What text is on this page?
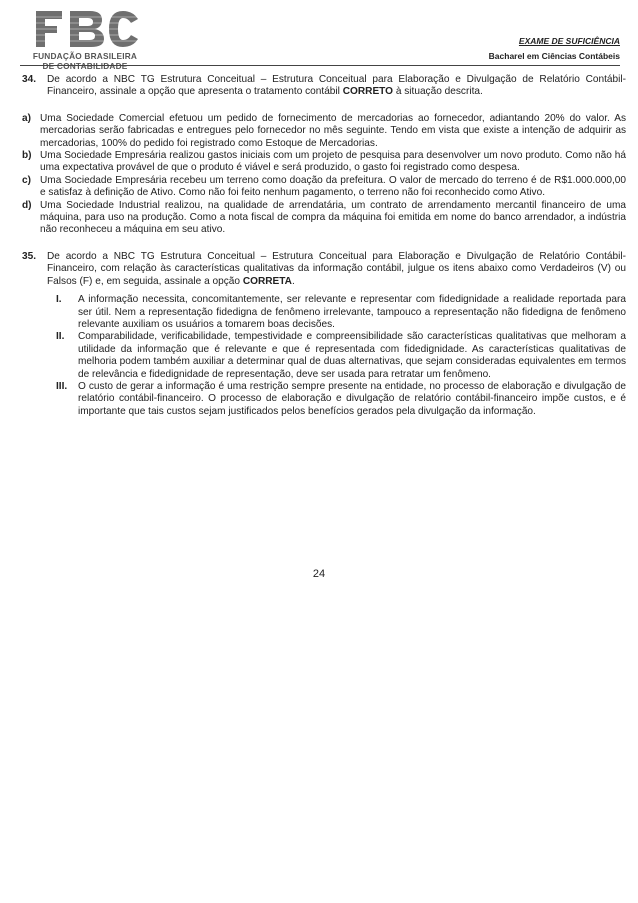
FUNDAÇÃO BRASILEIRA
DE CONTABILIDADE
EXAME DE SUFICIÊNCIA
Bacharel em Ciências Contábeis
34.	De acordo a NBC TG Estrutura Conceitual – Estrutura Conceitual para Elaboração e Divulgação de Relatório Contábil-Financeiro, assinale a opção que apresenta o tratamento contábil CORRETO à situação descrita.
a) Uma Sociedade Comercial efetuou um pedido de fornecimento de mercadorias ao fornecedor, adiantando 20% do valor. As mercadorias serão fabricadas e entregues pelo fornecedor no mês seguinte. Tendo em vista que existe a intenção de adquirir as mercadorias, 100% do pedido foi registrado como Estoque de Mercadorias.
b) Uma Sociedade Empresária realizou gastos iniciais com um projeto de pesquisa para desenvolver um novo produto. Como não há uma expectativa provável de que o produto é viável e será produzido, o gasto foi registrado como despesa.
c) Uma Sociedade Empresária recebeu um terreno como doação da prefeitura. O valor de mercado do terreno é de R$1.000.000,00 e satisfaz à definição de Ativo. Como não foi feito nenhum pagamento, o terreno não foi reconhecido como Ativo.
d) Uma Sociedade Industrial realizou, na qualidade de arrendatária, um contrato de arrendamento mercantil financeiro de uma máquina, para uso na produção. Como a nota fiscal de compra da máquina foi emitida em nome do banco arrendador, a indústria não reconheceu a máquina em seu ativo.
35.	De acordo a NBC TG Estrutura Conceitual – Estrutura Conceitual para Elaboração e Divulgação de Relatório Contábil-Financeiro, com relação às características qualitativas da informação contábil, julgue os itens abaixo como Verdadeiros (V) ou Falsos (F) e, em seguida, assinale a opção CORRETA.
I.	A informação necessita, concomitantemente, ser relevante e representar com fidedignidade a realidade reportada para ser útil. Nem a representação fidedigna de fenômeno irrelevante, tampouco a representação não fidedigna de fenômeno relevante auxiliam os usuários a tomarem boas decisões.
II.	Comparabilidade, verificabilidade, tempestividade e compreensibilidade são características qualitativas que melhoram a utilidade da informação que é relevante e que é representada com fidedignidade. As características qualitativas de melhoria podem também auxiliar a determinar qual de duas alternativas, que sejam consideradas equivalentes em termos de relevância e fidedignidade de representação, deve ser usada para retratar um fenômeno.
III.	O custo de gerar a informação é uma restrição sempre presente na entidade, no processo de elaboração e divulgação de relatório contábil-financeiro. O processo de elaboração e divulgação de relatório contábil-financeiro impõe custos, e é importante que tais custos sejam justificados pelos benefícios gerados pela divulgação da informação.
24
